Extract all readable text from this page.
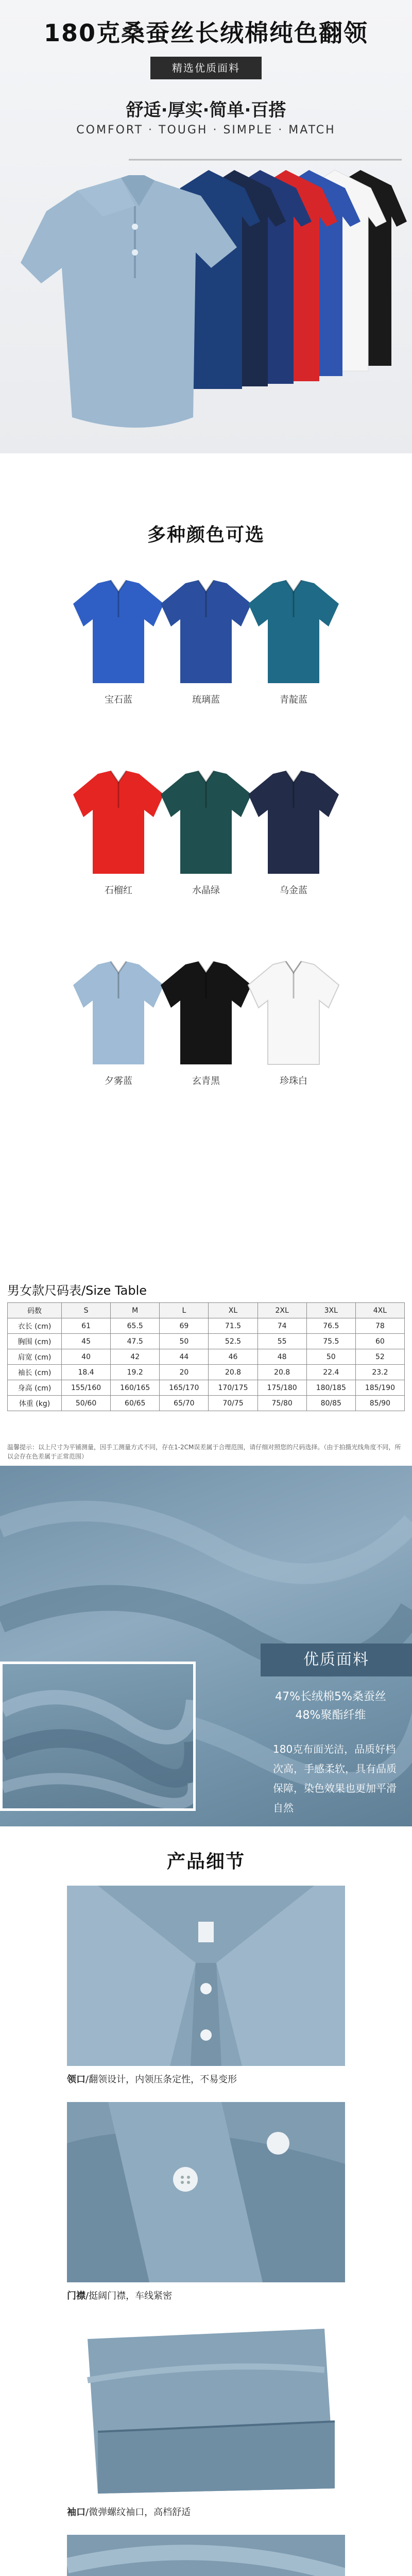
180克桑蚕丝长绒棉纯色翻领
精选优质面料
舒适·厚实·简单·百搭
COMFORT · TOUGH · SIMPLE · MATCH
多种颜色可选
宝石蓝	琉璃蓝	青靛蓝
石榴红	水晶绿	乌金蓝
夕雾蓝	玄青黑	珍珠白
男女款尺码表/Size Table
码数	S	M	L	XL	2XL	3XL	4XL
衣长 (cm)	61	65.5	69	71.5	74	76.5	78
胸围 (cm)	45	47.5	50	52.5	55	75.5	60
肩宽 (cm)	40	42	44	46	48	50	52
袖长 (cm)	18.4	19.2	20	20.8	20.8	22.4	23.2
身高 (cm)	155/160	160/165	165/170	170/175	175/180	180/185	185/190
体重 (kg)	50/60	60/65	65/70	70/75	75/80	80/85	85/90
温馨提示：以上尺寸为平铺测量，因手工测量方式不同，存在1-2CM误差属于合理范围，请仔细对照您的尺码选择。（由于拍摄光线角度不同，所以会存在色差属于正常范围）
优质面料
47%长绒棉5%桑蚕丝
48%聚酯纤维
180克布面光洁，品质好档次高，手感柔软，具有品质保障，染色效果也更加平滑自然
产品细节
领口/翻领设计，内领压条定性，不易变形
门襟/挺阔门襟，车线紧密
袖口/微弹螺纹袖口，高档舒适
